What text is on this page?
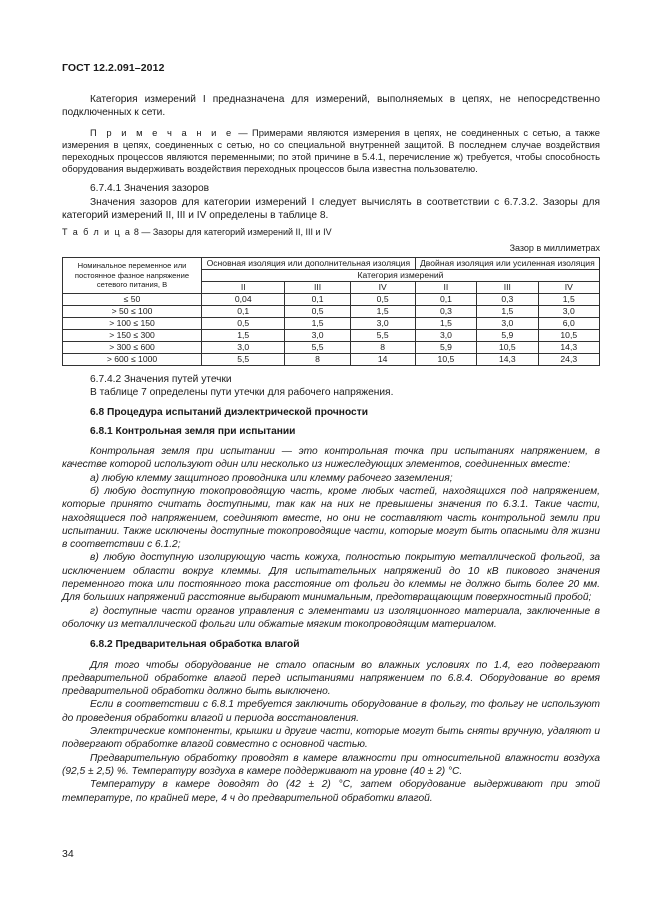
ГОСТ 12.2.091–2012

Категория измерений I предназначена для измерений, выполняемых в цепях, не непосредственно подключенных к сети.

П р и м е ч а н и е — Примерами являются измерения в цепях, не соединенных с сетью, а также измерения в цепях, соединенных с сетью, но со специальной внутренней защитой. В последнем случае воздействия переходных процессов являются переменными; по этой причине в 5.4.1, перечисление ж) требуется, чтобы способность оборудования выдерживать воздействия переходных процессов была известна пользователю.

6.7.4.1 Значения зазоров

Значения зазоров для категории измерений I следует вычислять в соответствии с 6.7.3.2. Зазоры для категорий измерений II, III и IV определены в таблице 8.

Т а б л и ц а 8 — Зазоры для категорий измерений II, III и IV

Зазор в миллиметрах

Номинальное переменное или постоянное фазное напряжение сетевого питания, В	Основная изоляция или дополнительная изоляция			Двойная изоляция или усиленная изоляция		
	Категория измерений					
	II	III	IV	II	III	IV
≤ 50	0,04	0,1	0,5	0,1	0,3	1,5
> 50 ≤ 100	0,1	0,5	1,5	0,3	1,5	3,0
> 100 ≤ 150	0,5	1,5	3,0	1,5	3,0	6,0
> 150 ≤ 300	1,5	3,0	5,5	3,0	5,9	10,5
> 300 ≤ 600	3,0	5,5	8	5,9	10,5	14,3
> 600 ≤ 1000	5,5	8	14	10,5	14,3	24,3

6.7.4.2 Значения путей утечки

В таблице 7 определены пути утечки для рабочего напряжения.

6.8 Процедура испытаний диэлектрической прочности

6.8.1 Контрольная земля при испытании

Контрольная земля при испытании — это контрольная точка при испытаниях напряжением, в качестве которой используют один или несколько из нижеследующих элементов, соединенных вместе:

а) любую клемму защитного проводника или клемму рабочего заземления;

б) любую доступную токопроводящую часть, кроме любых частей, находящихся под напряжением, которые принято считать доступными, так как на них не превышены значения по 6.3.1. Такие части, находящиеся под напряжением, соединяют вместе, но они не составляют часть контрольной земли при испытании. Также исключены доступные токопроводящие части, которые могут быть опасными для жизни в соответствии с 6.1.2;

в) любую доступную изолирующую часть кожуха, полностью покрытую металлической фольгой, за исключением области вокруг клеммы. Для испытательных напряжений до 10 кВ пикового значения переменного тока или постоянного тока расстояние от фольги до клеммы не должно быть более 20 мм. Для больших напряжений расстояние выбирают минимальным, предотвращающим поверхностный пробой;

г) доступные части органов управления с элементами из изоляционного материала, заключенные в оболочку из металлической фольги или обжатые мягким токопроводящим материалом.

6.8.2 Предварительная обработка влагой

Для того чтобы оборудование не стало опасным во влажных условиях по 1.4, его подвергают предварительной обработке влагой перед испытаниями напряжением по 6.8.4. Оборудование во время предварительной обработки должно быть выключено.

Если в соответствии с 6.8.1 требуется заключить оборудование в фольгу, то фольгу не используют до проведения обработки влагой и периода восстановления.

Электрические компоненты, крышки и другие части, которые могут быть сняты вручную, удаляют и подвергают обработке влагой совместно с основной частью.

Предварительную обработку проводят в камере влажности при относительной влажности воздуха (92,5 ± 2,5) %. Температуру воздуха в камере поддерживают на уровне (40 ± 2) °C.

Температуру в камере доводят до (42 ± 2) °C, затем оборудование выдерживают при этой температуре, по крайней мере, 4 ч до предварительной обработки влагой.

34
